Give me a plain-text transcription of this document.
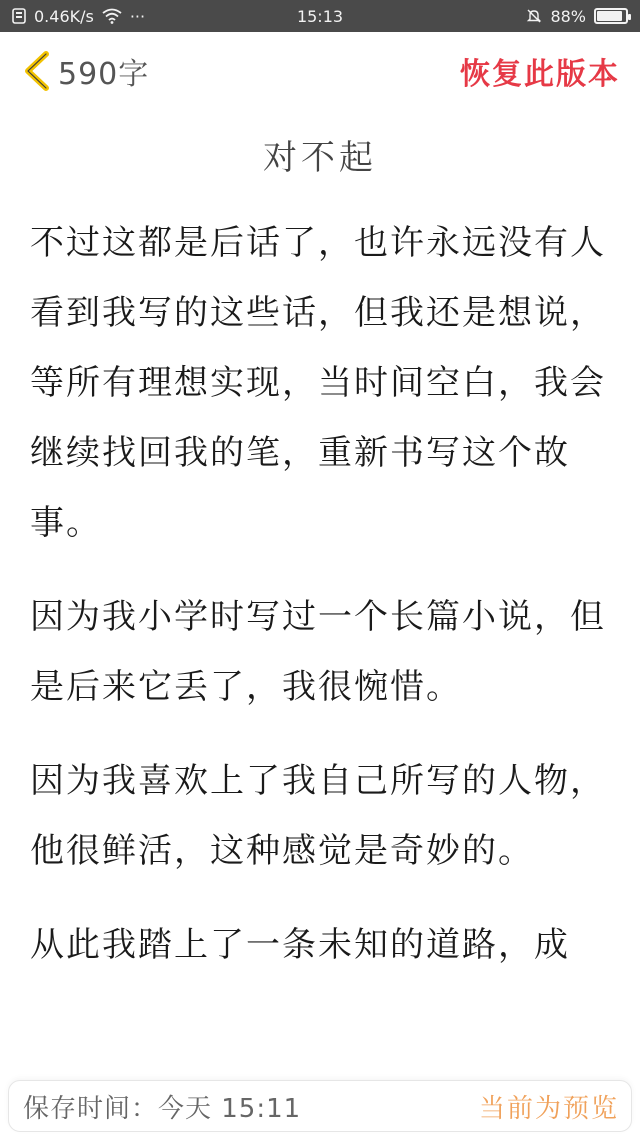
0.46K/s ···	15:13	88%
590字	恢复此版本
对不起

不过这都是后话了，也许永远没有人看到我写的这些话，但我还是想说，等所有理想实现，当时间空白，我会继续找回我的笔，重新书写这个故事。

因为我小学时写过一个长篇小说，但是后来它丢了，我很惋惜。

因为我喜欢上了我自己所写的人物，他很鲜活，这种感觉是奇妙的。

从此我踏上了一条未知的道路，成

保存时间：今天 15:11	当前为预览
